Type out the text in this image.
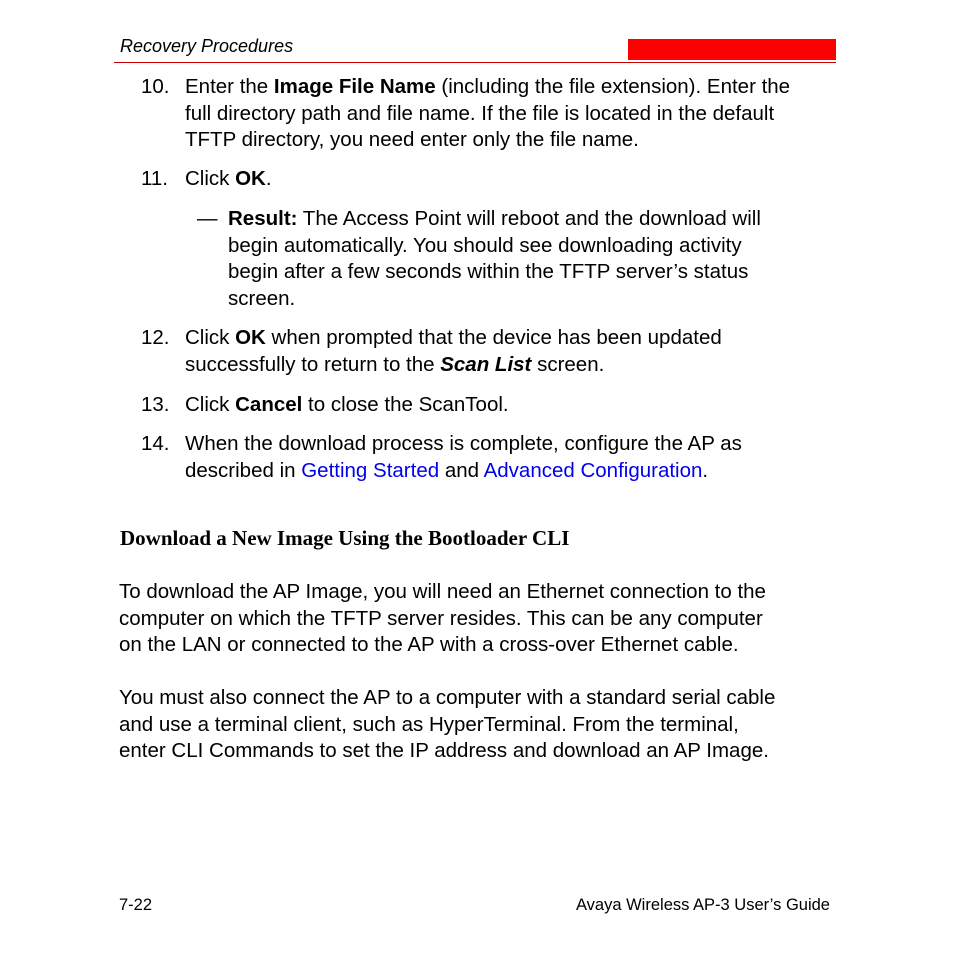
Recovery Procedures
10. Enter the Image File Name (including the file extension). Enter the
full directory path and file name. If the file is located in the default
TFTP directory, you need enter only the file name.
11. Click OK.
— Result: The Access Point will reboot and the download will
begin automatically. You should see downloading activity
begin after a few seconds within the TFTP server’s status
screen.
12. Click OK when prompted that the device has been updated
successfully to return to the Scan List screen.
13. Click Cancel to close the ScanTool.
14. When the download process is complete, configure the AP as
described in Getting Started and Advanced Configuration.
Download a New Image Using the Bootloader CLI
To download the AP Image, you will need an Ethernet connection to the
computer on which the TFTP server resides. This can be any computer
on the LAN or connected to the AP with a cross-over Ethernet cable.
You must also connect the AP to a computer with a standard serial cable
and use a terminal client, such as HyperTerminal. From the terminal,
enter CLI Commands to set the IP address and download an AP Image.
7-22	Avaya Wireless AP-3 User’s Guide
